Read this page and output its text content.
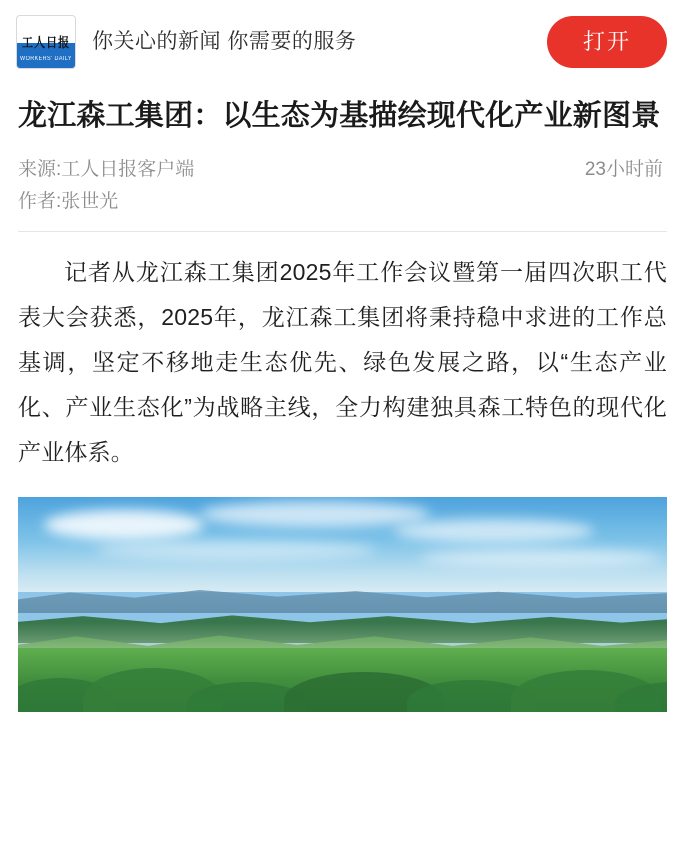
工人日报
WORKERS' DAILY
你关心的新闻 你需要的服务	打开
龙江森工集团：以生态为基描绘现代化产业新图景
来源:工人日报客户端	23小时前
作者:张世光

记者从龙江森工集团2025年工作会议暨第一届四次职工代表大会获悉，2025年，龙江森工集团将秉持稳中求进的工作总基调，坚定不移地走生态优先、绿色发展之路，以“生态产业化、产业生态化”为战略主线，全力构建独具森工特色的现代化产业体系。
